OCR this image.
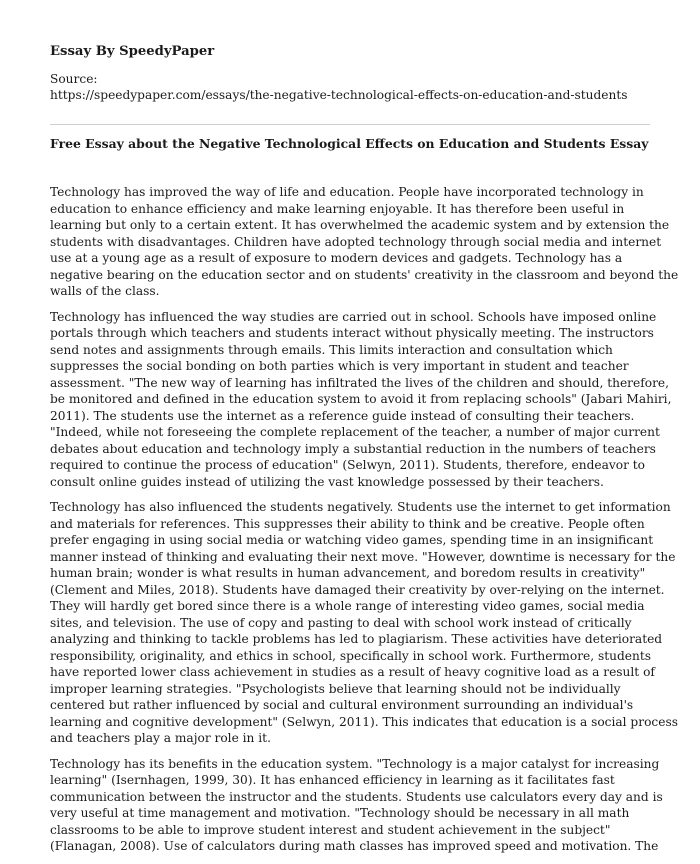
Essay By SpeedyPaper
Source:
https://speedypaper.com/essays/the-negative-technological-effects-on-education-and-students
Free Essay about the Negative Technological Effects on Education and Students Essay

Technology has improved the way of life and education. People have incorporated technology in
education to enhance efficiency and make learning enjoyable. It has therefore been useful in
learning but only to a certain extent. It has overwhelmed the academic system and by extension the
students with disadvantages. Children have adopted technology through social media and internet
use at a young age as a result of exposure to modern devices and gadgets. Technology has a
negative bearing on the education sector and on students' creativity in the classroom and beyond the
walls of the class.

Technology has influenced the way studies are carried out in school. Schools have imposed online
portals through which teachers and students interact without physically meeting. The instructors
send notes and assignments through emails. This limits interaction and consultation which
suppresses the social bonding on both parties which is very important in student and teacher
assessment. "The new way of learning has infiltrated the lives of the children and should, therefore,
be monitored and defined in the education system to avoid it from replacing schools" (Jabari Mahiri,
2011). The students use the internet as a reference guide instead of consulting their teachers.
"Indeed, while not foreseeing the complete replacement of the teacher, a number of major current
debates about education and technology imply a substantial reduction in the numbers of teachers
required to continue the process of education" (Selwyn, 2011). Students, therefore, endeavor to
consult online guides instead of utilizing the vast knowledge possessed by their teachers.

Technology has also influenced the students negatively. Students use the internet to get information
and materials for references. This suppresses their ability to think and be creative. People often
prefer engaging in using social media or watching video games, spending time in an insignificant
manner instead of thinking and evaluating their next move. "However, downtime is necessary for the
human brain; wonder is what results in human advancement, and boredom results in creativity"
(Clement and Miles, 2018). Students have damaged their creativity by over-relying on the internet.
They will hardly get bored since there is a whole range of interesting video games, social media
sites, and television. The use of copy and pasting to deal with school work instead of critically
analyzing and thinking to tackle problems has led to plagiarism. These activities have deteriorated
responsibility, originality, and ethics in school, specifically in school work. Furthermore, students
have reported lower class achievement in studies as a result of heavy cognitive load as a result of
improper learning strategies. "Psychologists believe that learning should not be individually
centered but rather influenced by social and cultural environment surrounding an individual's
learning and cognitive development" (Selwyn, 2011). This indicates that education is a social process
and teachers play a major role in it.

Technology has its benefits in the education system. "Technology is a major catalyst for increasing
learning" (Isernhagen, 1999, 30). It has enhanced efficiency in learning as it facilitates fast
communication between the instructor and the students. Students use calculators every day and is
very useful at time management and motivation. "Technology should be necessary in all math
classrooms to be able to improve student interest and student achievement in the subject"
(Flanagan, 2008). Use of calculators during math classes has improved speed and motivation. The
